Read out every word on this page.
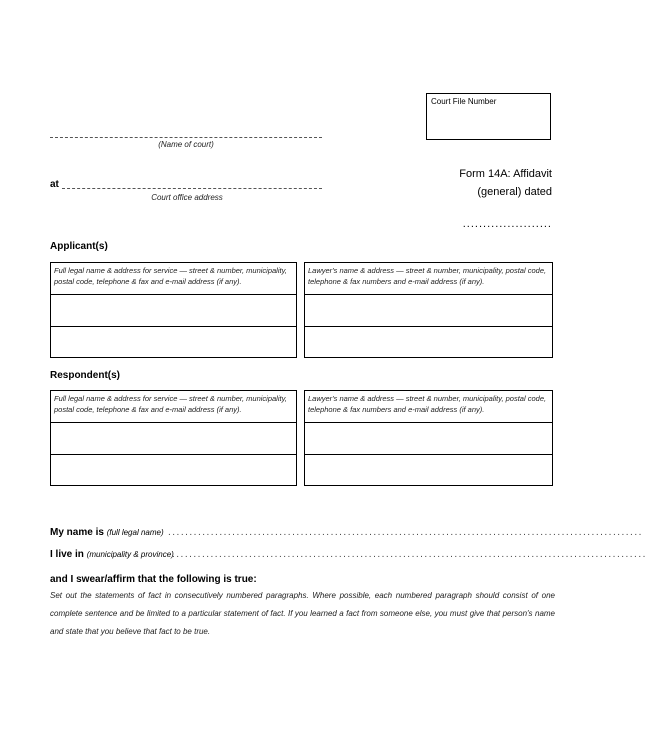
Court File Number
(Name of court)
at
Court office address
Form 14A: Affidavit
(general) dated
......................
Applicant(s)
Full legal name & address for service — street & number, municipality, postal code, telephone & fax and e-mail address (if any).
Lawyer's name & address — street & number, municipality, postal code, telephone & fax numbers and e-mail address (if any).
Respondent(s)
Full legal name & address for service — street & number, municipality, postal code, telephone & fax and e-mail address (if any).
Lawyer's name & address — street & number, municipality, postal code, telephone & fax numbers and e-mail address (if any).
My name is (full legal name) ...............................................................................................................
I live in (municipality & province)
...............................................................................................................
and I swear/affirm that the following is true:
Set out the statements of fact in consecutively numbered paragraphs. Where possible, each numbered paragraph should consist of one complete sentence and be limited to a particular statement of fact. If you learned a fact from someone else, you must give that person's name and state that you believe that fact to be true.
